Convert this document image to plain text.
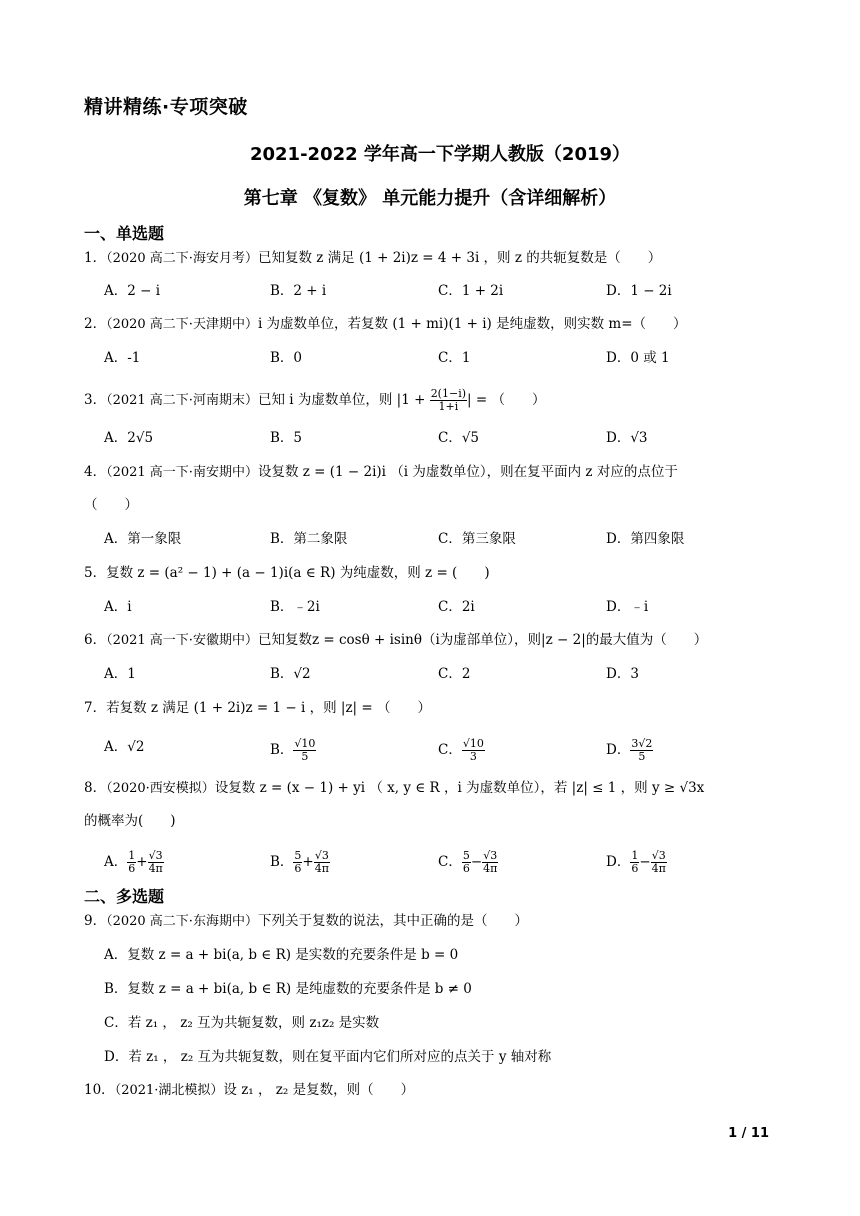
精讲精练·专项突破
2021-2022 学年高一下学期人教版（2019）
第七章 《复数》 单元能力提升（含详细解析）
一、单选题
1．（2020 高二下·海安月考）已知复数 z 满足 (1 + 2i)z = 4 + 3i ，则 z 的共轭复数是（　　）
A．2 − i	B．2 + i	C．1 + 2i	D．1 − 2i
2．（2020 高二下·天津期中）i 为虚数单位，若复数 (1 + mi)(1 + i) 是纯虚数，则实数 m=（　　）
A．-1	B．0	C．1	D．0 或 1
3．（2021 高二下·河南期末）已知 i 为虚数单位，则 $|1 + \frac{2(1-i)}{1+i}$ | = （　　）
A．2√5	B．5	C．√5	D．√3
4．（2021 高一下·南安期中）设复数 z = (1 − 2i)i （i 为虚数单位），则在复平面内 z 对应的点位于
（　　）
A．第一象限	B．第二象限	C．第三象限	D．第四象限
5．复数 z = (a² − 1) + (a − 1)i(a ∈ R) 为纯虚数，则 z = (　　)
A．i	B．﹣2i	C．2i	D．﹣i
6．（2021 高一下·安徽期中）已知复数z = cosθ + isinθ（i为虚部单位），则|z − 2|的最大值为（　　）
A．1	B．√2	C．2	D．3
7．若复数 z 满足 (1 + 2i)z = 1 − i ，则 |z| = （　　）
A．√2	B． $\frac{√10}{5}$	C． $\frac{√10}{3}$	D． $\frac{3√2}{5}$
8．（2020·西安模拟）设复数 z = (x − 1) + yi （ x, y ∈ R ，i 为虚数单位），若 |z| ≤ 1 ，则 y ≥ √3x
的概率为(　　)
A． $\frac{1}{6} + \frac{√3}{4\pi}$	B． $\frac{5}{6} + \frac{√3}{4\pi}$	C． $\frac{5}{6} - \frac{√3}{4\pi}$	D． $\frac{1}{6} - \frac{√3}{4\pi}$
二、多选题
9．（2020 高二下·东海期中）下列关于复数的说法，其中正确的是（　　）
A．复数 z = a + bi(a, b ∈ R) 是实数的充要条件是 b = 0
B．复数 z = a + bi(a, b ∈ R) 是纯虚数的充要条件是 b ≠ 0
C．若 z₁ ， z₂ 互为共轭复数，则 z₁z₂ 是实数
D．若 z₁ ， z₂ 互为共轭复数，则在复平面内它们所对应的点关于 y 轴对称
10．（2021·湖北模拟）设 z₁ ， z₂ 是复数，则（　　）
1 / 11
